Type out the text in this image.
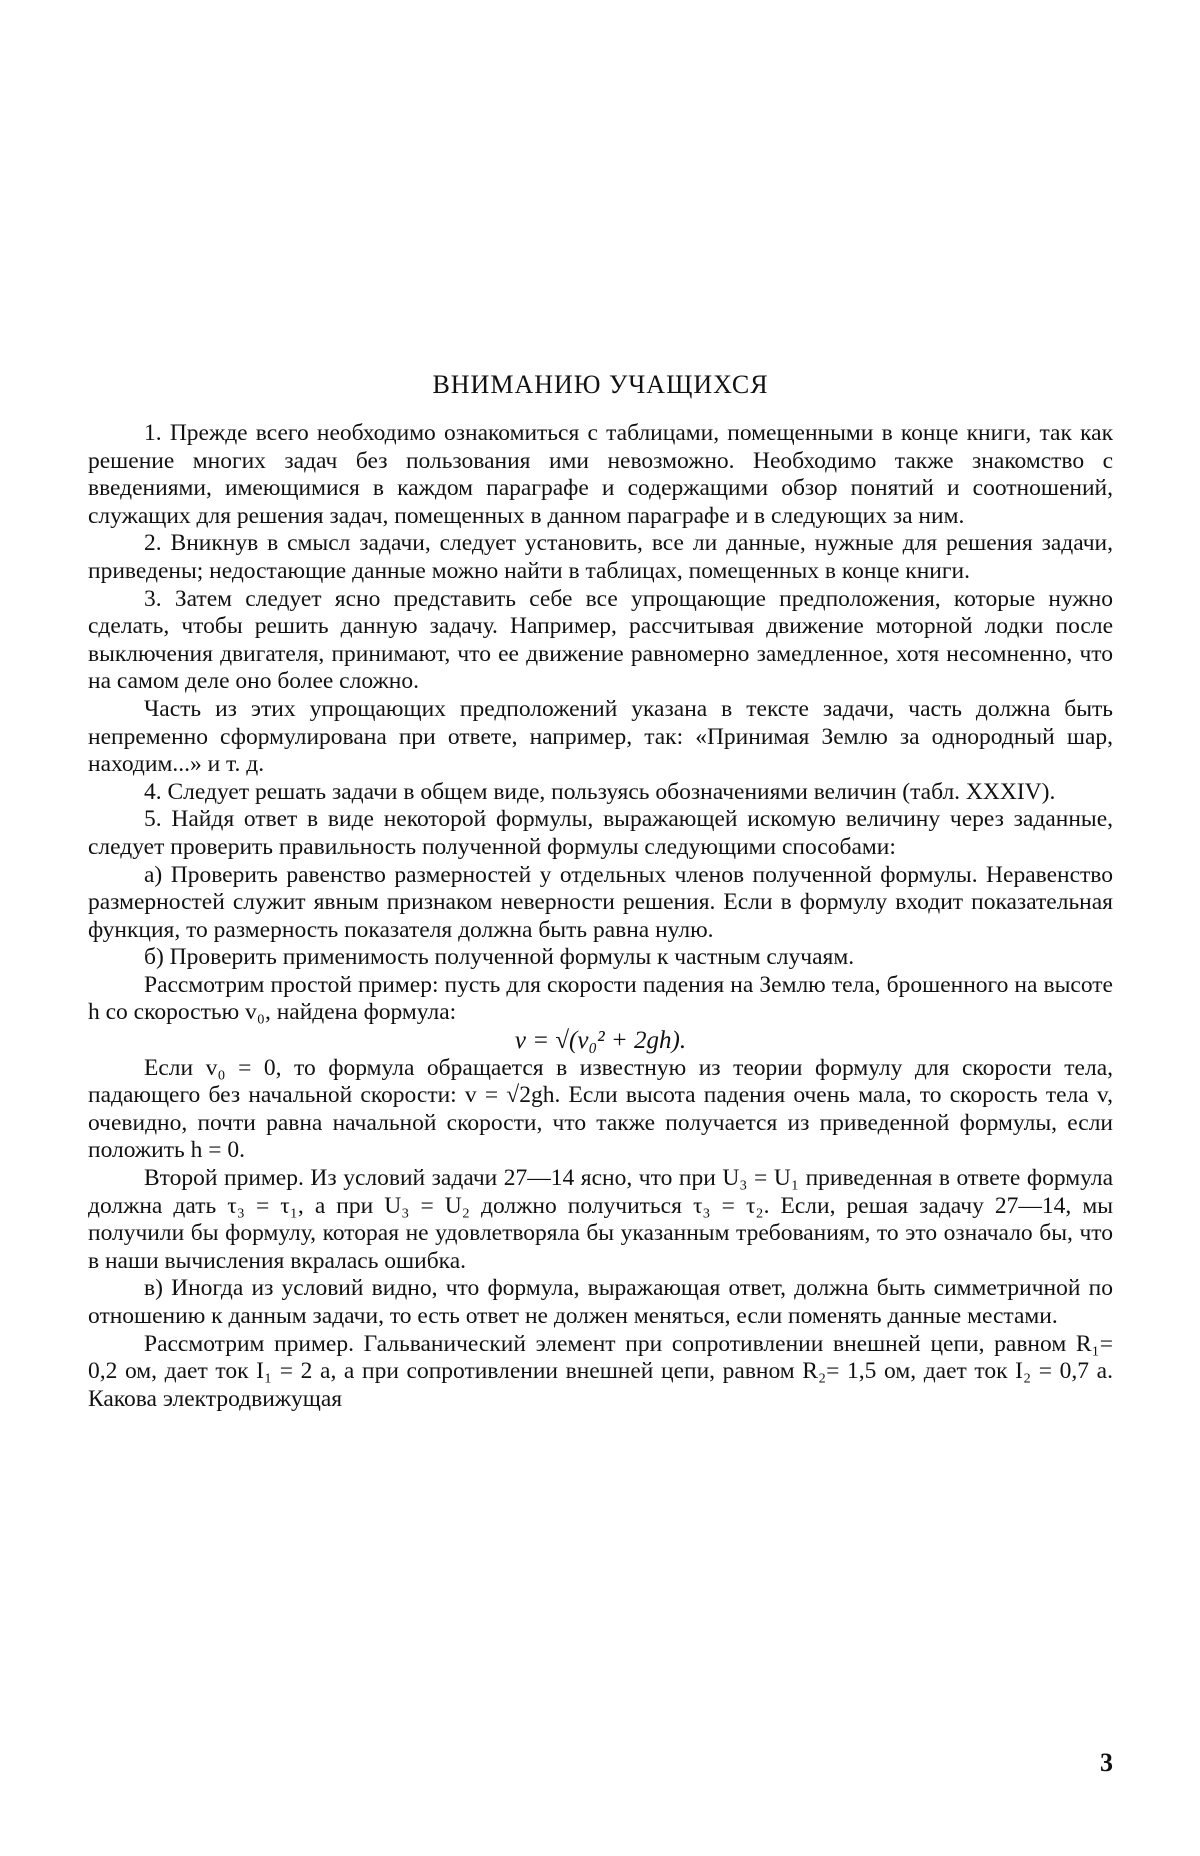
ВНИМАНИЮ УЧАЩИХСЯ

1. Прежде всего необходимо ознакомиться с таблицами, помещенными в конце книги, так как решение многих задач без пользования ими невозможно. Необходимо также знакомство с введениями, имеющимися в каждом параграфе и содержащими обзор понятий и соотношений, служащих для решения задач, помещенных в данном параграфе и в следующих за ним.

2. Вникнув в смысл задачи, следует установить, все ли данные, нужные для решения задачи, приведены; недостающие данные можно найти в таблицах, помещенных в конце книги.

3. Затем следует ясно представить себе все упрощающие предположения, которые нужно сделать, чтобы решить данную задачу. Например, рассчитывая движение моторной лодки после выключения двигателя, принимают, что ее движение равномерно замедленное, хотя несомненно, что на самом деле оно более сложно.

Часть из этих упрощающих предположений указана в тексте задачи, часть должна быть непременно сформулирована при ответе, например, так: «Принимая Землю за однородный шар, находим...» и т. д.

4. Следует решать задачи в общем виде, пользуясь обозначениями величин (табл. XXXIV).

5. Найдя ответ в виде некоторой формулы, выражающей искомую величину через заданные, следует проверить правильность полученной формулы следующими способами:

а) Проверить равенство размерностей у отдельных членов полученной формулы. Неравенство размерностей служит явным признаком неверности решения. Если в формулу входит показательная функция, то размерность показателя должна быть равна нулю.

б) Проверить применимость полученной формулы к частным случаям.

Рассмотрим простой пример: пусть для скорости падения на Землю тела, брошенного на высоте h со скоростью v₀, найдена формула:

v = √(v₀² + 2gh).

Если v₀ = 0, то формула обращается в известную из теории формулу для скорости тела, падающего без начальной скорости: v = √2gh. Если высота падения очень мала, то скорость тела v, очевидно, почти равна начальной скорости, что также получается из приведенной формулы, если положить h = 0.

Второй пример. Из условий задачи 27—14 ясно, что при U₃ = U₁ приведенная в ответе формула должна дать τ₃ = τ₁, а при U₃ = U₂ должно получиться τ₃ = τ₂. Если, решая задачу 27—14, мы получили бы формулу, которая не удовлетворяла бы указанным требованиям, то это означало бы, что в наши вычисления вкралась ошибка.

в) Иногда из условий видно, что формула, выражающая ответ, должна быть симметричной по отношению к данным задачи, то есть ответ не должен меняться, если поменять данные местами.

Рассмотрим пример. Гальванический элемент при сопротивлении внешней цепи, равном R₁= 0,2 ом, дает ток I₁ = 2 а, а при сопротивлении внешней цепи, равном R₂= 1,5 ом, дает ток I₂ = 0,7 а. Какова электродвижущая

3
